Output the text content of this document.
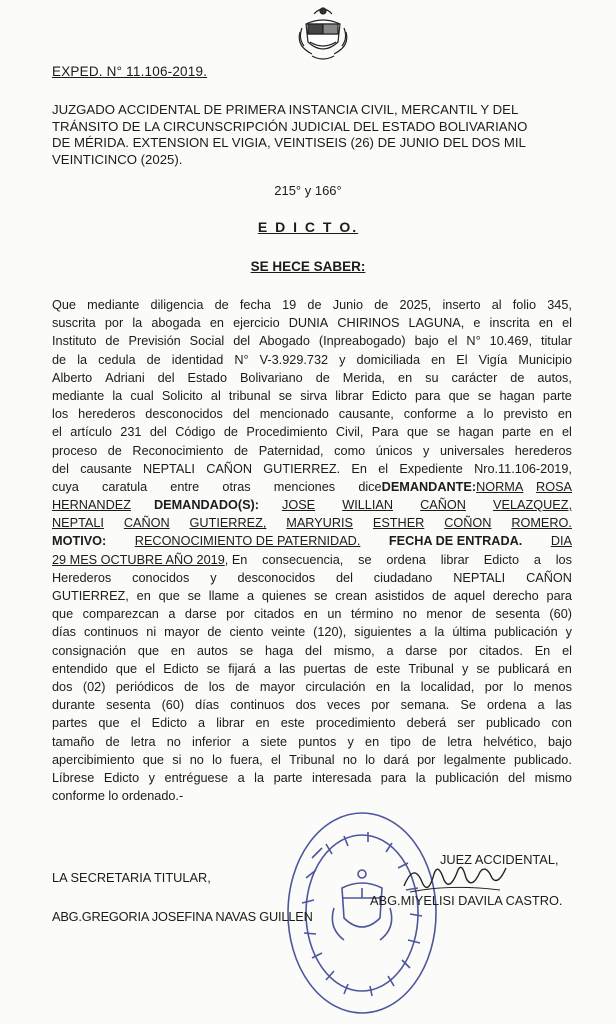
EXPED. N° 11.106-2019.
JUZGADO ACCIDENTAL DE PRIMERA INSTANCIA CIVIL, MERCANTIL Y DEL
TRÁNSITO DE LA CIRCUNSCRIPCIÓN JUDICIAL DEL ESTADO BOLIVARIANO
DE MÉRIDA. EXTENSION EL VIGIA, VEINTISEIS (26) DE JUNIO DEL DOS MIL
VEINTICINCO (2025).
215° y 166°
E D I C T O.
SE HECE SABER:
Que mediante diligencia de fecha 19 de Junio de 2025, inserto al folio 345,
suscrita por la abogada en ejercicio DUNIA CHIRINOS LAGUNA, e inscrita en el
Instituto de Previsión Social del Abogado (Inpreabogado) bajo el N° 10.469, titular
de la cedula de identidad N° V-3.929.732 y domiciliada en El Vigía Municipio
Alberto Adriani del Estado Bolivariano de Merida, en su carácter de autos,
mediante la cual Solicito al tribunal se sirva librar Edicto para que se hagan parte
los herederos desconocidos del mencionado causante, conforme a lo previsto en
el artículo 231 del Código de Procedimiento Civil, Para que se hagan parte en el
proceso de Reconocimiento de Paternidad, como únicos y universales herederos
del causante NEPTALI CAÑON GUTIERREZ. En el Expediente Nro.11.106-2019,
cuya caratula entre otras menciones dice DEMANDANTE: NORMA ROSA
HERNANDEZ DEMANDADO(S): JOSE WILLIAN CAÑON VELAZQUEZ,
NEPTALI CAÑON GUTIERREZ, MARYURIS ESTHER COÑON ROMERO.
MOTIVO: RECONOCIMIENTO DE PATERNIDAD. FECHA DE ENTRADA. DIA
29 MES OCTUBRE AÑO 2019 , En consecuencia, se ordena librar Edicto a los
Herederos conocidos y desconocidos del ciudadano NEPTALI CAÑON
GUTIERREZ, en que se llame a quienes se crean asistidos de aquel derecho para
que comparezcan a darse por citados en un término no menor de sesenta (60)
días continuos ni mayor de ciento veinte (120), siguientes a la última publicación y
consignación que en autos se haga del mismo, a darse por citados. En el
entendido que el Edicto se fijará a las puertas de este Tribunal y se publicará en
dos (02) periódicos de los de mayor circulación en la localidad, por lo menos
durante sesenta (60) días continuos dos veces por semana. Se ordena a las
partes que el Edicto a librar en este procedimiento deberá ser publicado con
tamaño de letra no inferior a siete puntos y en tipo de letra helvético, bajo
apercibimiento que si no lo fuera, el Tribunal no lo dará por legalmente publicado.
Líbrese Edicto y entréguese a la parte interesada para la publicación del mismo
conforme lo ordenado.-
LA SECRETARIA TITULAR,
ABG.GREGORIA JOSEFINA NAVAS GUILLEN
JUEZ ACCIDENTAL,
ABG.MIYELISI DAVILA CASTRO.
